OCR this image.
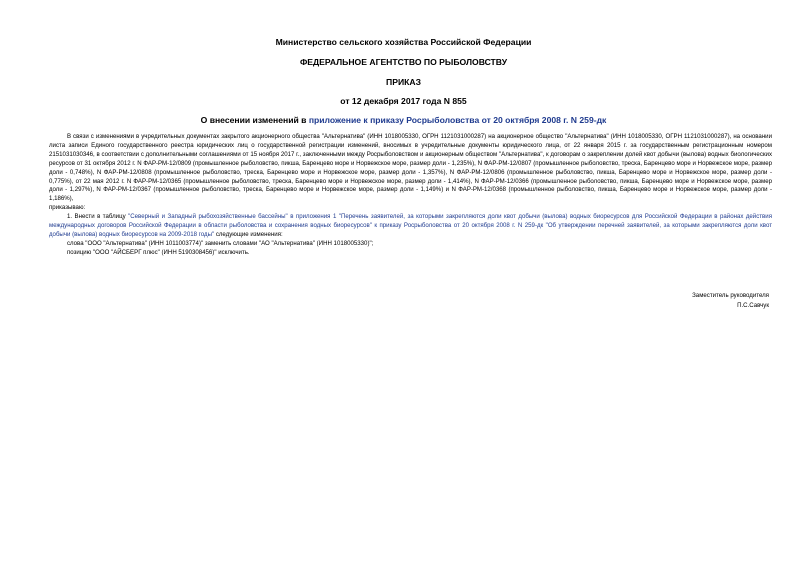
Министерство сельского хозяйства Российской Федерации
ФЕДЕРАЛЬНОЕ АГЕНТСТВО ПО РЫБОЛОВСТВУ
ПРИКАЗ
от 12 декабря 2017 года N 855
О внесении изменений в приложение к приказу Росрыболовства от 20 октября 2008 г. N 259-дк

В связи с изменениями в учредительных документах закрытого акционерного общества "Альтернатива" (ИНН 1018005330, ОГРН 1121031000287) на акционерное общество "Альтернатива" (ИНН 1018005330, ОГРН 1121031000287), на основании листа записи Единого государственного реестра юридических лиц о государственной регистрации изменений, вносимых в учредительные документы юридического лица, от 22 января 2015 г. за государственным регистрационным номером 2151031030346, в соответствии с дополнительными соглашениями от 15 ноября 2017 г., заключенными между Росрыболовством и акционерным обществом "Альтернатива", к договорам о закреплении долей квот добычи (вылова) водных биологических ресурсов от 31 октября 2012 г. N ФАР-РМ-12/0809 (промышленное рыболовство, пикша, Баренцево море и Норвежское море, размер доли - 1,235%), N ФАР-РМ-12/0807 (промышленное рыболовство, треска, Баренцево море и Норвежское море, размер доли - 0,748%), N ФАР-РМ-12/0808 (промышленное рыболовство, треска, Баренцево море и Норвежское море, размер доли - 1,357%), N ФАР-РМ-12/0806 (промышленное рыболовство, пикша, Баренцево море и Норвежское море, размер доли - 0,775%), от 22 мая 2012 г. N ФАР-РМ-12/0365 (промышленное рыболовство, треска, Баренцево море и Норвежское море, размер доли - 1,414%), N ФАР-РМ-12/0366 (промышленное рыболовство, пикша, Баренцево море и Норвежское море, размер доли - 1,297%), N ФАР-РМ-12/0367 (промышленное рыболовство, треска, Баренцево море и Норвежское море, размер доли - 1,149%) и N ФАР-РМ-12/0368 (промышленное рыболовство, пикша, Баренцево море и Норвежское море, размер доли - 1,186%),

приказываю:

1. Внести в таблицу "Северный и Западный рыбохозяйственные бассейны" в приложения 1 "Перечень заявителей, за которыми закрепляются доли квот добычи (вылова) водных биоресурсов для Российской Федерации в районах действия международных договоров Российской Федерации в области рыболовства и сохранения водных биоресурсов" к приказу Росрыболовства от 20 октября 2008 г. N 259-дк "Об утверждении перечней заявителей, за которыми закрепляются доли квот добычи (вылова) водных биоресурсов на 2009-2018 годы" следующие изменения:

слова "ООО "Альтернатива" (ИНН 1011003774)" заменить словами "АО "Альтернатива" (ИНН 1018005330)";

позицию "ООО "АЙСБЕРГ плюс" (ИНН 5190308456)" исключить.

Заместитель руководителя
П.С.Савчук
